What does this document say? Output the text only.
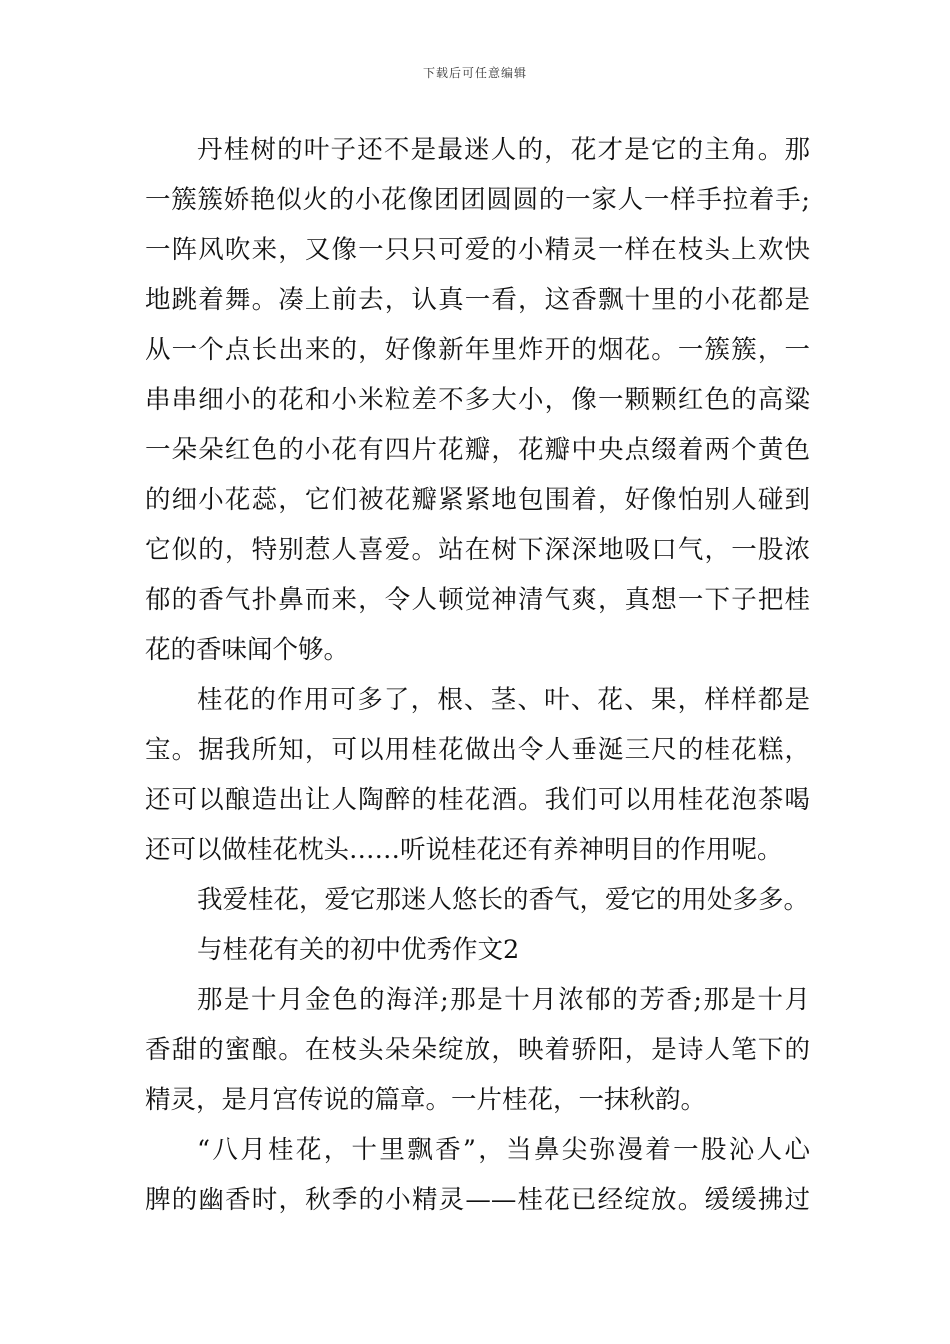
下载后可任意编辑
丹桂树的叶子还不是最迷人的，花才是它的主角。那
一簇簇娇艳似火的小花像团团圆圆的一家人一样手拉着手;
一阵风吹来，又像一只只可爱的小精灵一样在枝头上欢快
地跳着舞。凑上前去，认真一看，这香飘十里的小花都是
从一个点长出来的，好像新年里炸开的烟花。一簇簇，一
串串细小的花和小米粒差不多大小，像一颗颗红色的高粱
一朵朵红色的小花有四片花瓣，花瓣中央点缀着两个黄色
的细小花蕊，它们被花瓣紧紧地包围着，好像怕别人碰到
它似的，特别惹人喜爱。站在树下深深地吸口气，一股浓
郁的香气扑鼻而来，令人顿觉神清气爽，真想一下子把桂
花的香味闻个够。
桂花的作用可多了，根、茎、叶、花、果，样样都是
宝。据我所知，可以用桂花做出令人垂涎三尺的桂花糕，
还可以酿造出让人陶醉的桂花酒。我们可以用桂花泡茶喝
还可以做桂花枕头……听说桂花还有养神明目的作用呢。
我爱桂花，爱它那迷人悠长的香气，爱它的用处多多。
与桂花有关的初中优秀作文2
那是十月金色的海洋;那是十月浓郁的芳香;那是十月
香甜的蜜酿。在枝头朵朵绽放，映着骄阳，是诗人笔下的
精灵，是月宫传说的篇章。一片桂花，一抹秋韵。
“八月桂花，十里飘香”，当鼻尖弥漫着一股沁人心
脾的幽香时，秋季的小精灵——桂花已经绽放。缓缓拂过
